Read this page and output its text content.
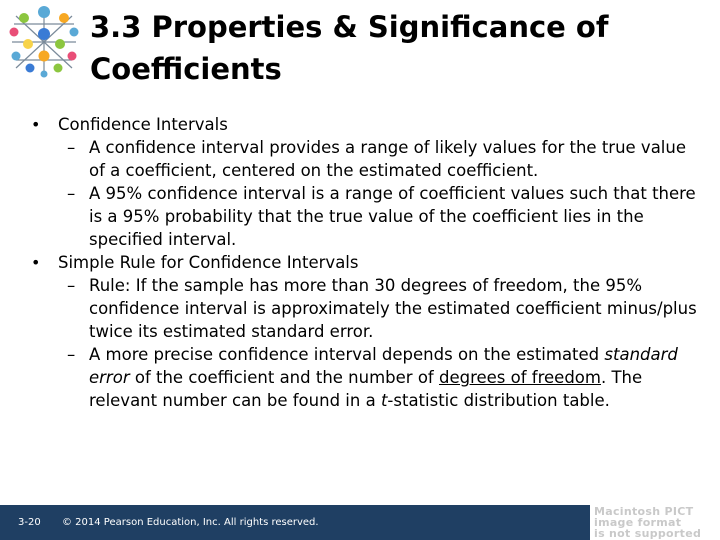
3.3 Properties & Significance of
Coefficients
• Confidence Intervals
– A confidence interval provides a range of likely values for the true value of a coefficient, centered on the estimated coefficient.
– A 95% confidence interval is a range of coefficient values such that there is a 95% probability that the true value of the coefficient lies in the specified interval.
• Simple Rule for Confidence Intervals
– Rule: If the sample has more than 30 degrees of freedom, the 95% confidence interval is approximately the estimated coefficient minus/plus twice its estimated standard error.
– A more precise confidence interval depends on the estimated standard error of the coefficient and the number of degrees of freedom. The relevant number can be found in a t-statistic distribution table.
3-20 © 2014 Pearson Education, Inc. All rights reserved.
Macintosh PICT
image format
is not supported
